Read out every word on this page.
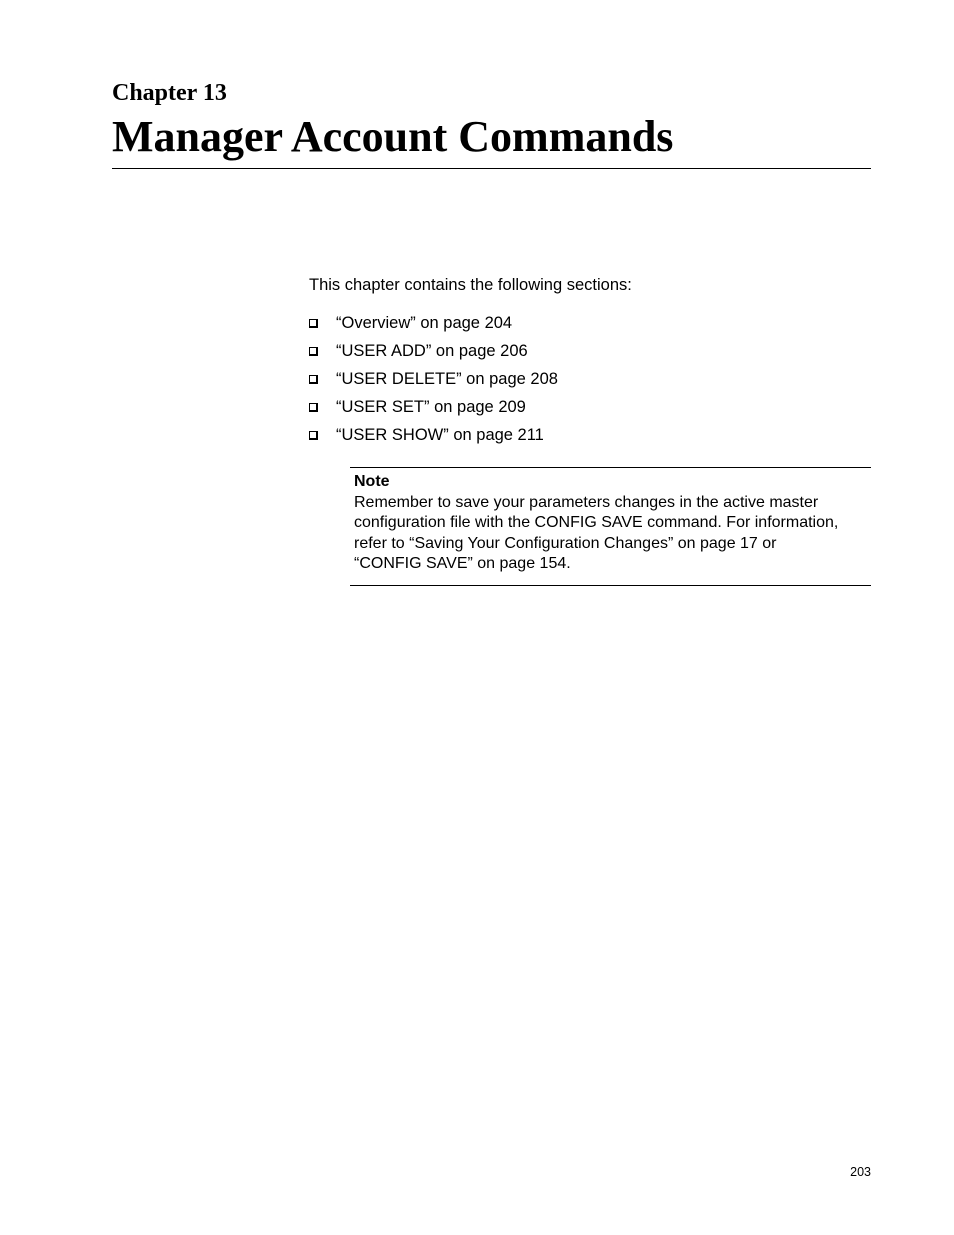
Chapter 13
Manager Account Commands

This chapter contains the following sections:

“Overview” on page 204
“USER ADD” on page 206
“USER DELETE” on page 208
“USER SET” on page 209
“USER SHOW” on page 211

Note

Remember to save your parameters changes in the active master
configuration file with the CONFIG SAVE command. For information,
refer to “Saving Your Configuration Changes” on page 17 or
“CONFIG SAVE” on page 154.

203
